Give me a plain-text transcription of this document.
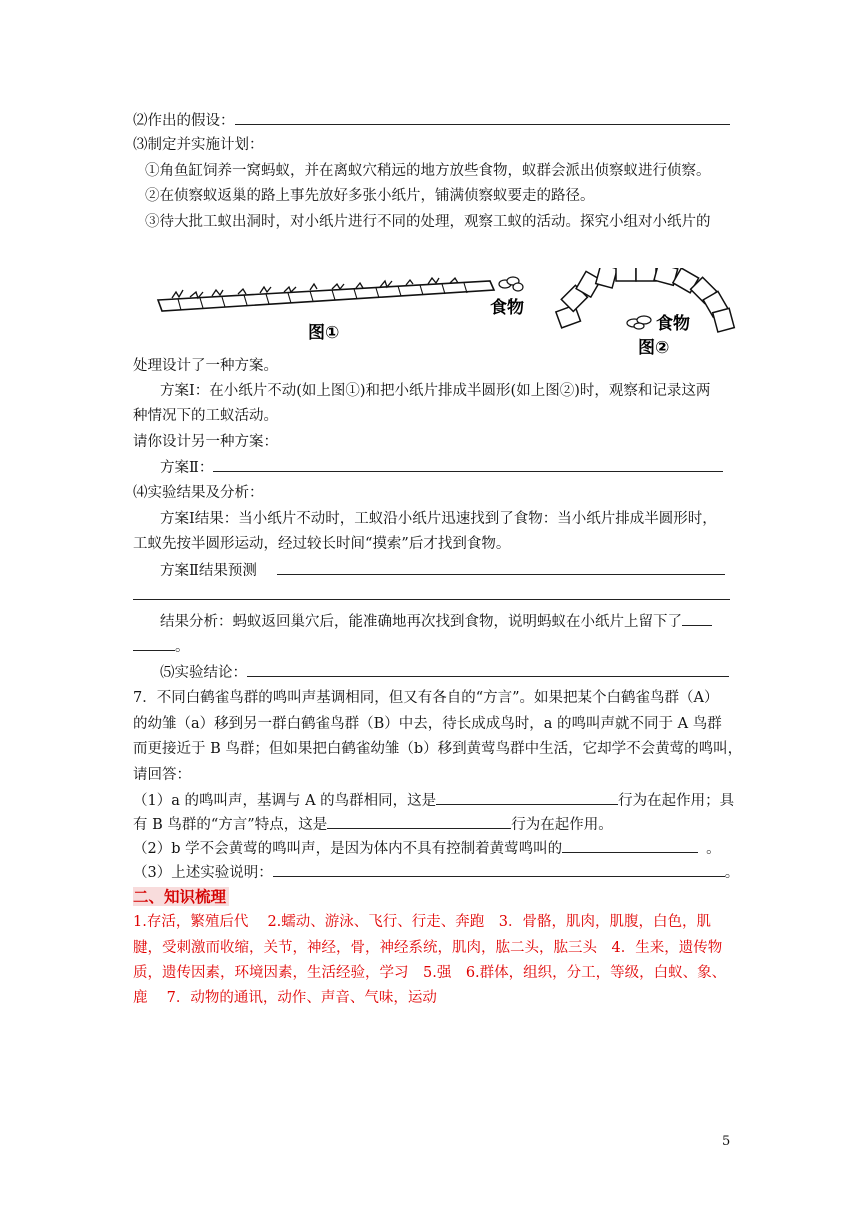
⑵作出的假设：
⑶制定并实施计划：
①角鱼缸饲养一窝蚂蚁，并在离蚁穴稍远的地方放些食物，蚁群会派出侦察蚁进行侦察。
②在侦察蚁返巢的路上事先放好多张小纸片，铺满侦察蚁要走的路径。
③待大批工蚁出洞时，对小纸片进行不同的处理，观察工蚁的活动。探究小组对小纸片的
食物
图①	食物
图②
处理设计了一种方案。
方案Ⅰ：在小纸片不动(如上图①)和把小纸片排成半圆形(如上图②)时，观察和记录这两
种情况下的工蚁活动。
请你设计另一种方案：
方案Ⅱ：
⑷实验结果及分析：
方案Ⅰ结果：当小纸片不动时，工蚁沿小纸片迅速找到了食物：当小纸片排成半圆形时，
工蚁先按半圆形运动，经过较长时间“摸索”后才找到食物。
方案Ⅱ结果预测
结果分析：蚂蚁返回巢穴后，能准确地再次找到食物，说明蚂蚁在小纸片上留下了
。
⑸实验结论：
7．不同白鹤雀鸟群的鸣叫声基调相同，但又有各自的“方言”。如果把某个白鹤雀鸟群（A）
的幼雏（a）移到另一群白鹤雀鸟群（B）中去，待长成成鸟时，a 的鸣叫声就不同于 A 鸟群
而更接近于 B 鸟群；但如果把白鹤雀幼雏（b）移到黄莺鸟群中生活，它却学不会黄莺的鸣叫，
请回答：
（1）a 的鸣叫声，基调与 A 的鸟群相同，这是	行为在起作用；具
有 B 鸟群的“方言”特点，这是	行为在起作用。
（2）b 学不会黄莺的鸣叫声，是因为体内不具有控制着黄莺鸣叫的	。
（3）上述实验说明：	。
二、知识梳理
1.存活，繁殖后代　 2.蠕动、游泳、飞行、行走、奔跑　3．骨骼，肌肉，肌腹，白色，肌
腱，受刺激而收缩，关节，神经，骨，神经系统，肌肉，肱二头，肱三头　4．生来，遗传物
质，遗传因素，环境因素，生活经验，学习　5.强　6.群体，组织，分工，等级，白蚁、象、
鹿　 7．动物的通讯，动作、声音、气味，运动
5
